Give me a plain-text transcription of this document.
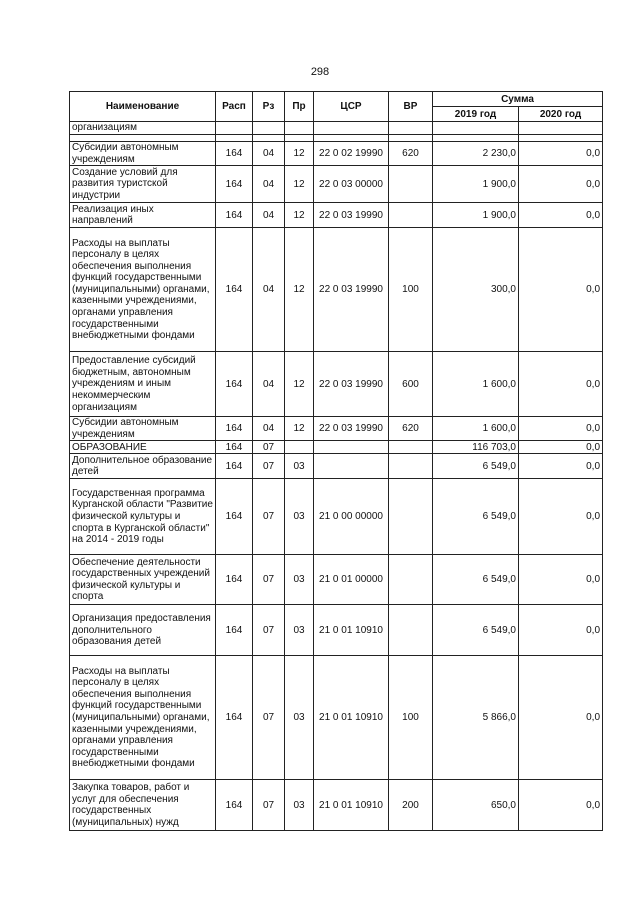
298
Наименование	Расп	Рз	Пр	ЦСР	ВР	Сумма	
						2019 год	2020 год
организациям							

Субсидии автономным учреждениям	164	04	12	22 0 02 19990	620	2 230,0	0,0
Создание условий для развития туристской индустрии	164	04	12	22 0 03 00000		1 900,0	0,0
Реализация иных направлений	164	04	12	22 0 03 19990		1 900,0	0,0
Расходы на выплаты персоналу в целях обеспечения выполнения функций государственными (муниципальными) органами, казенными учреждениями, органами управления государственными внебюджетными фондами	164	04	12	22 0 03 19990	100	300,0	0,0
Предоставление субсидий бюджетным, автономным учреждениям и иным некоммерческим организациям	164	04	12	22 0 03 19990	600	1 600,0	0,0
Субсидии автономным учреждениям	164	04	12	22 0 03 19990	620	1 600,0	0,0
ОБРАЗОВАНИЕ	164	07				116 703,0	0,0
Дополнительное образование детей	164	07	03			6 549,0	0,0
Государственная программа Курганской области "Развитие физической культуры и спорта в Курганской области" на 2014 - 2019 годы	164	07	03	21 0 00 00000		6 549,0	0,0
Обеспечение деятельности государственных учреждений физической культуры и спорта	164	07	03	21 0 01 00000		6 549,0	0,0
Организация предоставления дополнительного образования детей	164	07	03	21 0 01 10910		6 549,0	0,0
Расходы на выплаты персоналу в целях обеспечения выполнения функций государственными (муниципальными) органами, казенными учреждениями, органами управления государственными внебюджетными фондами	164	07	03	21 0 01 10910	100	5 866,0	0,0
Закупка товаров, работ и услуг для обеспечения государственных (муниципальных) нужд	164	07	03	21 0 01 10910	200	650,0	0,0
